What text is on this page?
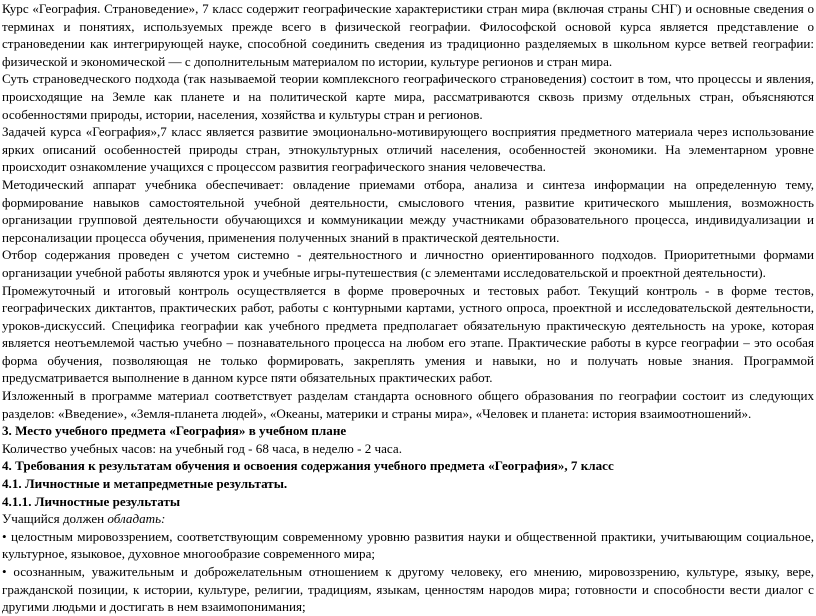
Курс «География. Страноведение», 7 класс содержит географические характеристики стран мира (включая страны СНГ) и основные сведения о терминах и понятиях, используемых прежде всего в физической географии. Философской основой курса является представление о страноведении как интегрирующей науке, способной соединить сведения из традиционно разделяемых в школьном курсе ветвей географии: физической и экономической — с дополнительным материалом по истории, культуре регионов и стран мира.

Суть страноведческого подхода (так называемой теории комплексного географического страноведения) состоит в том, что процессы и явления, происходящие на Земле как планете и на политической карте мира, рассматриваются сквозь призму отдельных стран, объясняются особенностями природы, истории, населения, хозяйства и культуры стран и регионов.

Задачей курса «География»,7 класс является развитие эмоционально-мотивирующего восприятия предметного материала через использование ярких описаний особенностей природы стран, этнокультурных отличий населения, особенностей экономики. На элементарном уровне происходит ознакомление учащихся с процессом развития географического знания человечества.

Методический аппарат учебника обеспечивает: овладение приемами отбора, анализа и синтеза информации на определенную тему, формирование навыков самостоятельной учебной деятельности, смыслового чтения, развитие критического мышления, возможность организации групповой деятельности обучающихся и коммуникации между участниками образовательного процесса, индивидуализации и персонализации процесса обучения, применения полученных знаний в практической деятельности.

Отбор содержания проведен с учетом системно - деятельностного и личностно ориентированного подходов. Приоритетными формами организации учебной работы являются урок и учебные игры-путешествия (с элементами исследовательской и проектной деятельности).

Промежуточный и итоговый контроль осуществляется в форме проверочных и тестовых работ. Текущий контроль - в форме тестов, географических диктантов, практических работ, работы с контурными картами, устного опроса, проектной и исследовательской деятельности, уроков-дискуссий. Специфика географии как учебного предмета предполагает обязательную практическую деятельность на уроке, которая является неотъемлемой частью учебно – познавательного процесса на любом его этапе. Практические работы в курсе географии – это особая форма обучения, позволяющая не только формировать, закреплять умения и навыки, но и получать новые знания. Программой предусматривается выполнение в данном курсе пяти обязательных практических работ.

Изложенный в программе материал соответствует разделам стандарта основного общего образования по географии состоит из следующих разделов: «Введение», «Земля-планета людей», «Океаны, материки и страны мира», «Человек и планета: история взаимоотношений».

3. Место учебного предмета «География» в учебном плане

Количество учебных часов: на учебный год - 68 часа, в неделю - 2 часа.

4. Требования к результатам обучения и освоения содержания учебного предмета «География», 7 класс
4.1. Личностные и метапредметные результаты.
4.1.1. Личностные результаты

Учащийся должен обладать:

• целостным мировоззрением, соответствующим современному уровню развития науки и общественной практики, учитывающим социальное, культурное, языковое, духовное многообразие современного мира;

• осознанным, уважительным и доброжелательным отношением к другому человеку, его мнению, мировоззрению, культуре, языку, вере, гражданской позиции, к истории, культуре, религии, традициям, языкам, ценностям народов мира; готовности и способности вести диалог с другими людьми и достигать в нем взаимопонимания;
